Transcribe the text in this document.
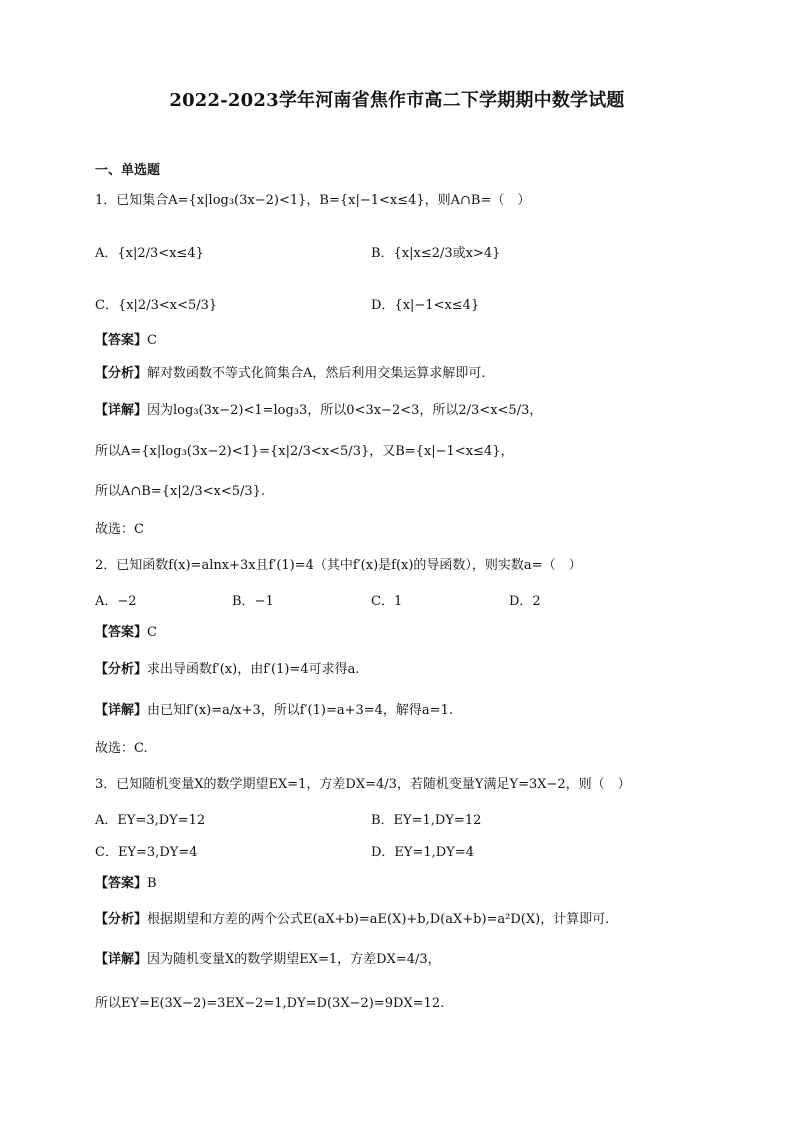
2022-2023学年河南省焦作市高二下学期期中数学试题
一、单选题
1．已知集合A={x|log₃(3x−2)<1}，B={x|−1<x≤4}，则A∩B=（　）
A．{x|2/3<x≤4}	B．{x|x≤2/3或x>4}
C．{x|2/3<x<5/3}	D．{x|−1<x≤4}
【答案】C
【分析】解对数函数不等式化简集合A，然后利用交集运算求解即可.
【详解】因为log₃(3x−2)<1=log₃3，所以0<3x−2<3，所以2/3<x<5/3，
所以A={x|log₃(3x−2)<1}={x|2/3<x<5/3}，又B={x|−1<x≤4}，
所以A∩B={x|2/3<x<5/3}.
故选：C
2．已知函数f(x)=alnx+3x且f′(1)=4（其中f′(x)是f(x)的导函数），则实数a=（　）
A．−2	B．−1	C．1	D．2
【答案】C
【分析】求出导函数f′(x)，由f′(1)=4可求得a.
【详解】由已知f′(x)=a/x+3，所以f′(1)=a+3=4，解得a=1.
故选：C.
3．已知随机变量X的数学期望EX=1，方差DX=4/3，若随机变量Y满足Y=3X−2，则（　）
A．EY=3,DY=12	B．EY=1,DY=12
C．EY=3,DY=4	D．EY=1,DY=4
【答案】B
【分析】根据期望和方差的两个公式E(aX+b)=aE(X)+b,D(aX+b)=a²D(X)，计算即可.
【详解】因为随机变量X的数学期望EX=1，方差DX=4/3，
所以EY=E(3X−2)=3EX−2=1,DY=D(3X−2)=9DX=12.
